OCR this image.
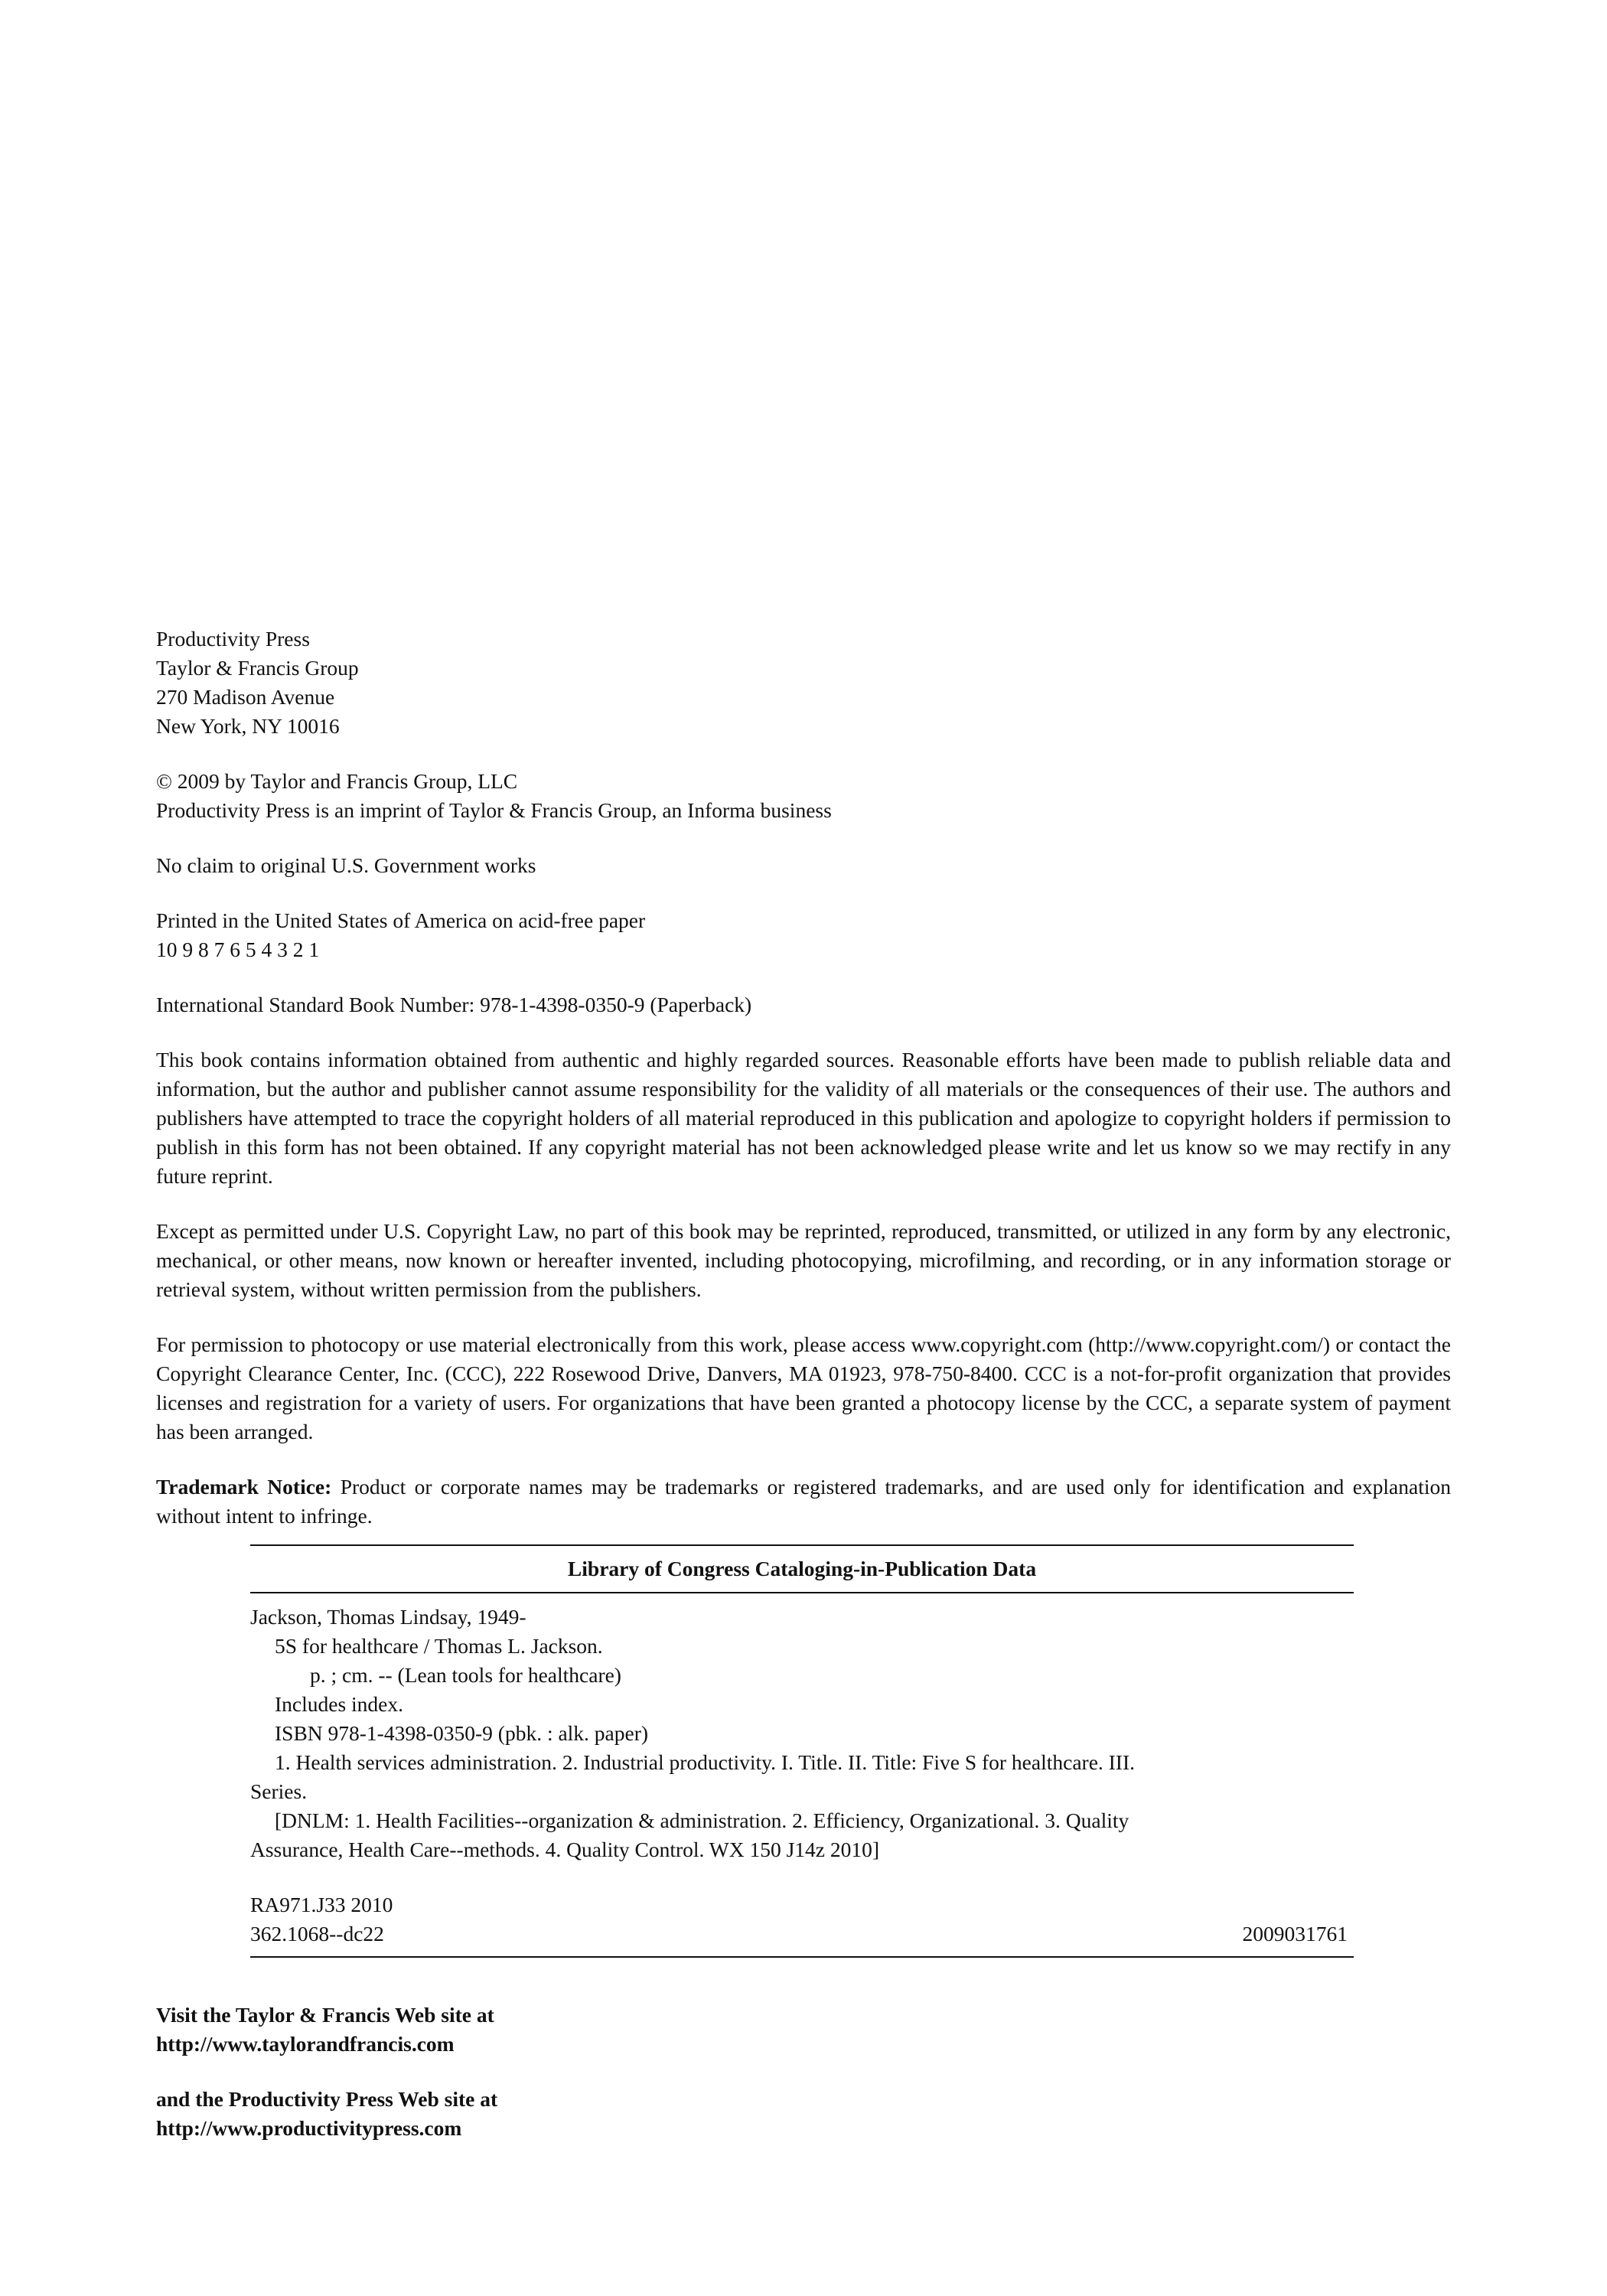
Productivity Press
Taylor & Francis Group
270 Madison Avenue
New York, NY 10016
© 2009 by Taylor and Francis Group, LLC
Productivity Press is an imprint of Taylor & Francis Group, an Informa business
No claim to original U.S. Government works
Printed in the United States of America on acid-free paper
10 9 8 7 6 5 4 3 2 1
International Standard Book Number: 978-1-4398-0350-9 (Paperback)
This book contains information obtained from authentic and highly regarded sources. Reasonable efforts have been made to publish reliable data and information, but the author and publisher cannot assume responsibility for the validity of all materials or the consequences of their use. The authors and publishers have attempted to trace the copyright holders of all material reproduced in this publication and apologize to copyright holders if permission to publish in this form has not been obtained. If any copyright material has not been acknowledged please write and let us know so we may rectify in any future reprint.
Except as permitted under U.S. Copyright Law, no part of this book may be reprinted, reproduced, transmitted, or utilized in any form by any electronic, mechanical, or other means, now known or hereafter invented, including photocopying, microfilming, and recording, or in any information storage or retrieval system, without written permission from the publishers.
For permission to photocopy or use material electronically from this work, please access www.copyright.com (http://www.copyright.com/) or contact the Copyright Clearance Center, Inc. (CCC), 222 Rosewood Drive, Danvers, MA 01923, 978-750-8400. CCC is a not-for-profit organization that provides licenses and registration for a variety of users. For organizations that have been granted a photocopy license by the CCC, a separate system of payment has been arranged.
Trademark Notice: Product or corporate names may be trademarks or registered trademarks, and are used only for identification and explanation without intent to infringe.
Library of Congress Cataloging-in-Publication Data
Jackson, Thomas Lindsay, 1949-
5S for healthcare / Thomas L. Jackson.
p. ; cm. -- (Lean tools for healthcare)
Includes index.
ISBN 978-1-4398-0350-9 (pbk. : alk. paper)
1. Health services administration. 2. Industrial productivity. I. Title. II. Title: Five S for healthcare. III.
Series.
[DNLM: 1. Health Facilities--organization & administration. 2. Efficiency, Organizational. 3. Quality
Assurance, Health Care--methods. 4. Quality Control. WX 150 J14z 2010]
RA971.J33 2010
362.1068--dc22	2009031761
Visit the Taylor & Francis Web site at
http://www.taylorandfrancis.com
and the Productivity Press Web site at
http://www.productivitypress.com
